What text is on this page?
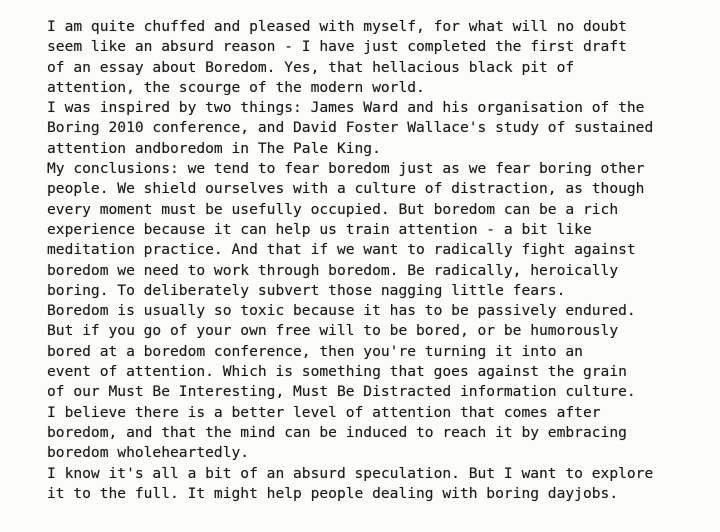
I am quite chuffed and pleased with myself, for what will no doubt
seem like an absurd reason - I have just completed the first draft
of an essay about Boredom. Yes, that hellacious black pit of
attention, the scourge of the modern world.
I was inspired by two things: James Ward and his organisation of the
Boring 2010 conference, and David Foster Wallace's study of sustained
attention andboredom in The Pale King.
My conclusions: we tend to fear boredom just as we fear boring other
people. We shield ourselves with a culture of distraction, as though
every moment must be usefully occupied. But boredom can be a rich
experience because it can help us train attention - a bit like
meditation practice. And that if we want to radically fight against
boredom we need to work through boredom. Be radically, heroically
boring. To deliberately subvert those nagging little fears.
Boredom is usually so toxic because it has to be passively endured.
But if you go of your own free will to be bored, or be humorously
bored at a boredom conference, then you're turning it into an
event of attention. Which is something that goes against the grain
of our Must Be Interesting, Must Be Distracted information culture.
I believe there is a better level of attention that comes after
boredom, and that the mind can be induced to reach it by embracing
boredom wholeheartedly.
I know it's all a bit of an absurd speculation. But I want to explore
it to the full. It might help people dealing with boring dayjobs.
